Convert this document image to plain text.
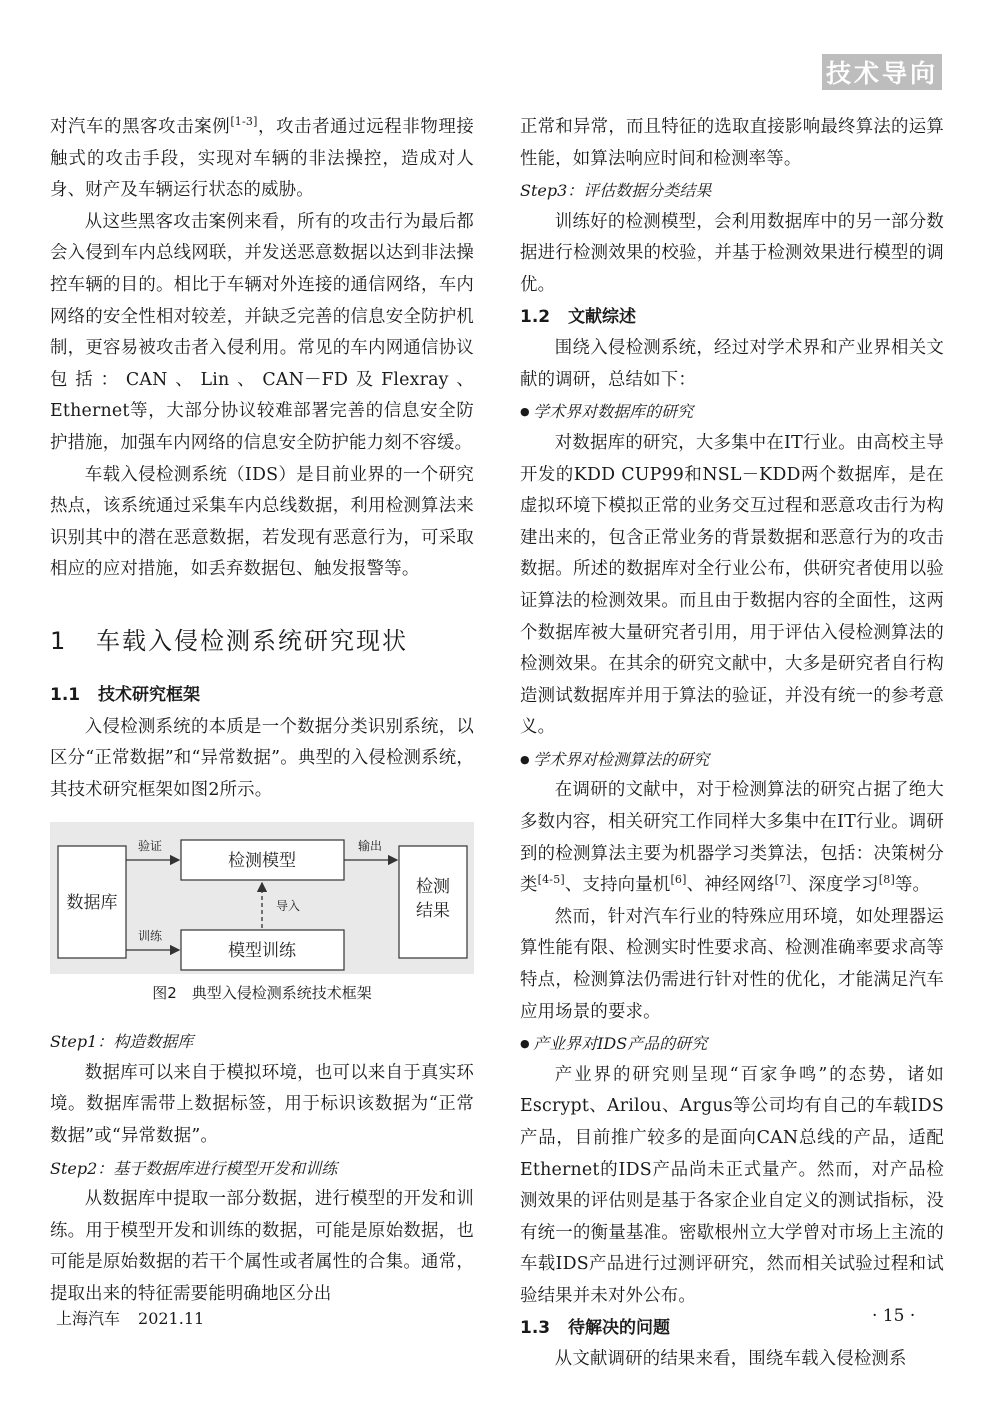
技术导向

对汽车的黑客攻击案例[1-3]，攻击者通过远程非物理接触式的攻击手段，实现对车辆的非法操控，造成对人身、财产及车辆运行状态的威胁。

从这些黑客攻击案例来看，所有的攻击行为最后都会入侵到车内总线网联，并发送恶意数据以达到非法操控车辆的目的。相比于车辆对外连接的通信网络，车内网络的安全性相对较差，并缺乏完善的信息安全防护机制，更容易被攻击者入侵利用。常见的车内网通信协议包括：CAN、Lin、CAN－FD及Flexray、Ethernet等，大部分协议较难部署完善的信息安全防护措施，加强车内网络的信息安全防护能力刻不容缓。

车载入侵检测系统（IDS）是目前业界的一个研究热点，该系统通过采集车内总线数据，利用检测算法来识别其中的潜在恶意数据，若发现有恶意行为，可采取相应的应对措施，如丢弃数据包、触发报警等。

1 车载入侵检测系统研究现状

1.1 技术研究框架

入侵检测系统的本质是一个数据分类识别系统，以区分“正常数据”和“异常数据”。典型的入侵检测系统，其技术研究框架如图2所示。

数据库
检测模型
模型训练
检测
结果
验证
训练
输出
导入

图2　典型入侵检测系统技术框架

Step1：构造数据库

数据库可以来自于模拟环境，也可以来自于真实环境。数据库需带上数据标签，用于标识该数据为“正常数据”或“异常数据”。

Step2：基于数据库进行模型开发和训练

从数据库中提取一部分数据，进行模型的开发和训练。用于模型开发和训练的数据，可能是原始数据，也可能是原始数据的若干个属性或者属性的合集。通常，提取出来的特征需要能明确地区分出

正常和异常，而且特征的选取直接影响最终算法的运算性能，如算法响应时间和检测率等。

Step3：评估数据分类结果

训练好的检测模型，会利用数据库中的另一部分数据进行检测效果的校验，并基于检测效果进行模型的调优。

1.2 文献综述

围绕入侵检测系统，经过对学术界和产业界相关文献的调研，总结如下：

● 学术界对数据库的研究

对数据库的研究，大多集中在IT行业。由高校主导开发的KDD CUP99和NSL－KDD两个数据库，是在虚拟环境下模拟正常的业务交互过程和恶意攻击行为构建出来的，包含正常业务的背景数据和恶意行为的攻击数据。所述的数据库对全行业公布，供研究者使用以验证算法的检测效果。而且由于数据内容的全面性，这两个数据库被大量研究者引用，用于评估入侵检测算法的检测效果。在其余的研究文献中，大多是研究者自行构造测试数据库并用于算法的验证，并没有统一的参考意义。

● 学术界对检测算法的研究

在调研的文献中，对于检测算法的研究占据了绝大多数内容，相关研究工作同样大多集中在IT行业。调研到的检测算法主要为机器学习类算法，包括：决策树分类[4-5]、支持向量机[6]、神经网络[7]、深度学习[8]等。

然而，针对汽车行业的特殊应用环境，如处理器运算性能有限、检测实时性要求高、检测准确率要求高等特点，检测算法仍需进行针对性的优化，才能满足汽车应用场景的要求。

● 产业界对IDS产品的研究

产业界的研究则呈现“百家争鸣”的态势，诸如Escrypt、Arilou、Argus等公司均有自己的车载IDS产品，目前推广较多的是面向CAN总线的产品，适配Ethernet的IDS产品尚未正式量产。然而，对产品检测效果的评估则是基于各家企业自定义的测试指标，没有统一的衡量基准。密歇根州立大学曾对市场上主流的车载IDS产品进行过测评研究，然而相关试验过程和试验结果并未对外公布。

1.3 待解决的问题

从文献调研的结果来看，围绕车载入侵检测系

上海汽车 2021.11	· 15 ·
